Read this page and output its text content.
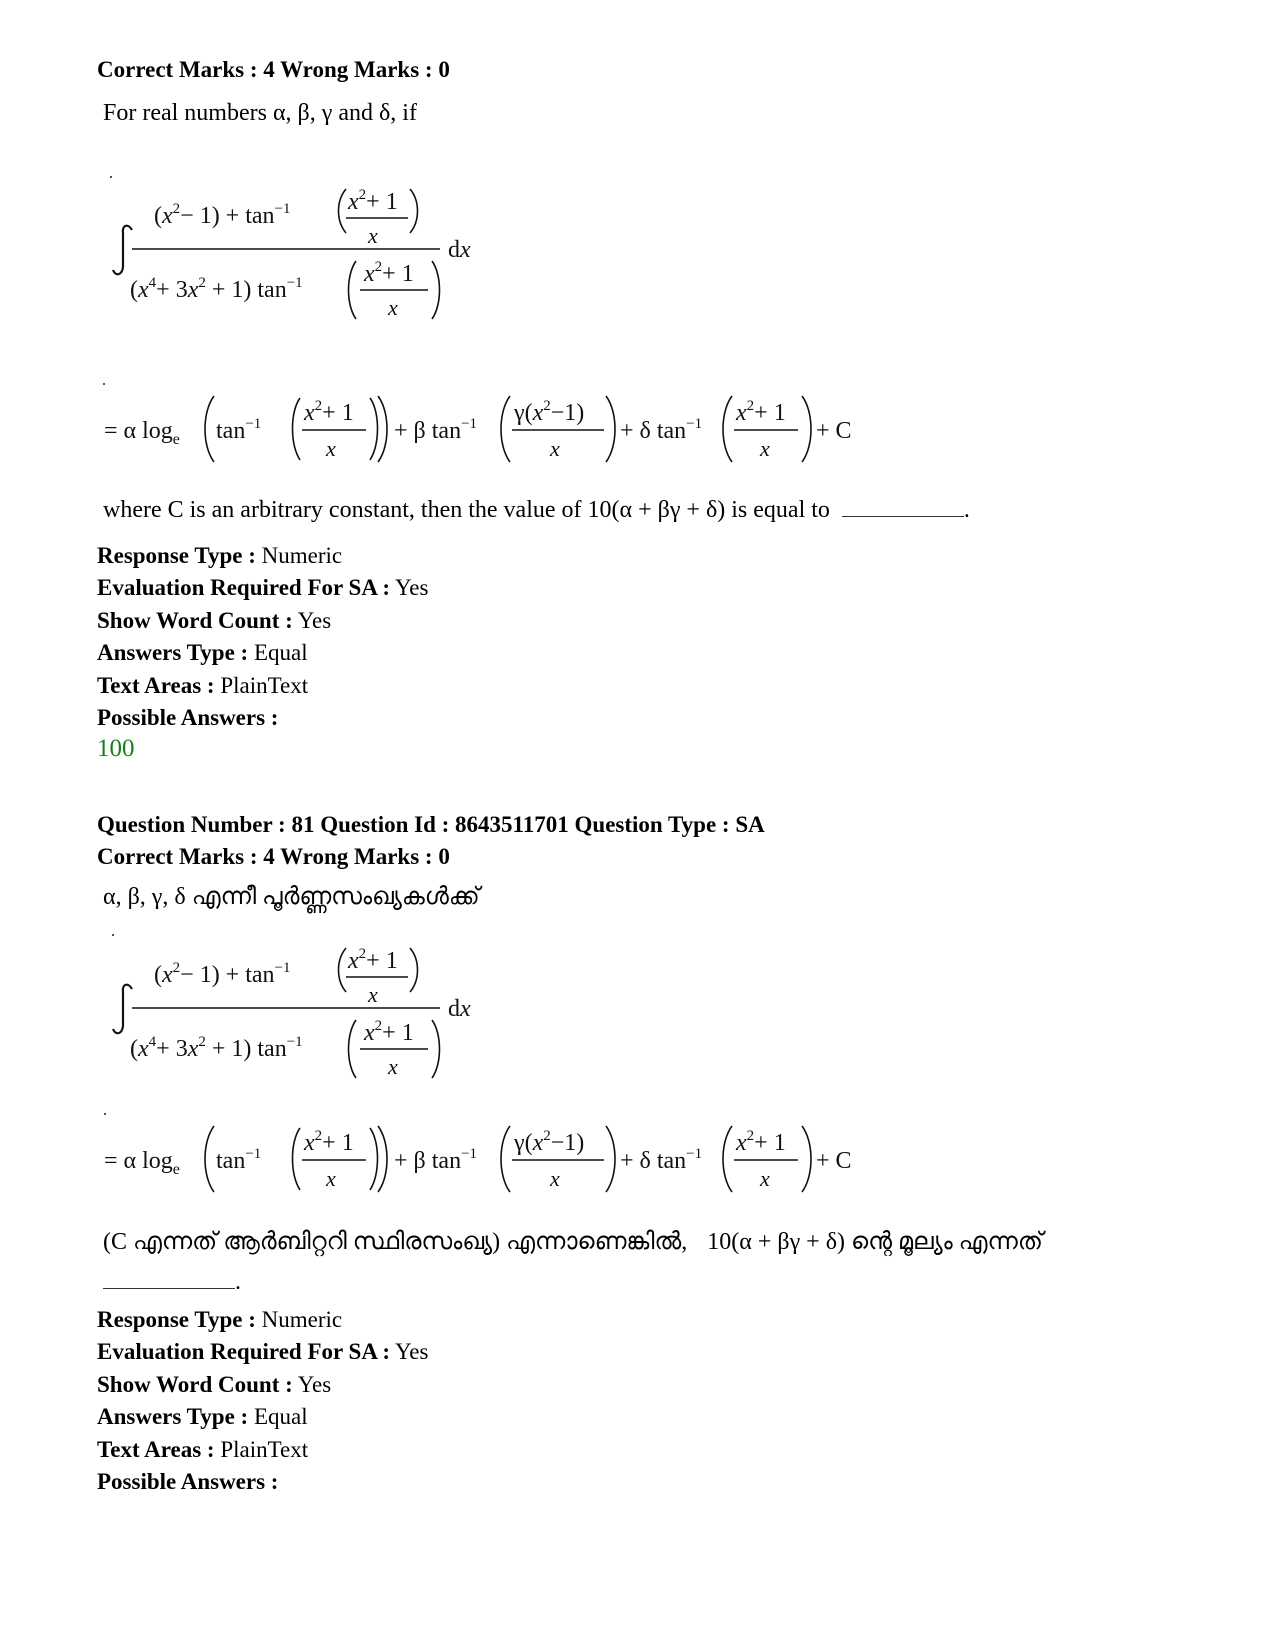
Correct Marks : 4 Wrong Marks : 0
For real numbers α, β, γ and δ, if
$(x^2- 1) + \tan^{-1} x^2+ 1$
x
$(x^4+ 3x^2 + 1)$ $\tan^{-1}$	$x^2+ 1$
x
dx
= α $\log_e \tan^{-1} x^2+ 1$
x
+ β $\tan^{-1} \gamma(x^2-1)$
x
+ δ $\tan^{-1} x^2+ 1$
x
+ C
where C is an arbitrary constant, then the value of 10(α + βγ + δ) is equal to	.
Response Type : Numeric
Evaluation Required For SA : Yes
Show Word Count : Yes
Answers Type : Equal
Text Areas : PlainText
Possible Answers :
100
Question Number : 81 Question Id : 8643511701 Question Type : SA
Correct Marks : 4 Wrong Marks : 0
α, β, γ, δ എന്നീ പൂർണ്ണസംഖ്യകൾക്ക്
$(x^2- 1) + \tan^{-1} x^2+ 1$
x
$(x^4+ 3x^2 + 1)$ $\tan^{-1}$	$x^2+ 1$
x
dx
= α $\log_e \tan^{-1} x^2+ 1$
x
+ β $\tan^{-1} \gamma(x^2-1)$
x
+ δ $\tan^{-1} x^2+ 1$
x
+ C
(C എന്നത് ആർബിറ്ററി സ്ഥിരസംഖ്യ) എന്നാണെങ്കിൽ, 10(α + βγ + δ) ന്റെ മൂല്യം എന്നത്
.
Response Type : Numeric
Evaluation Required For SA : Yes
Show Word Count : Yes
Answers Type : Equal
Text Areas : PlainText
Possible Answers :
